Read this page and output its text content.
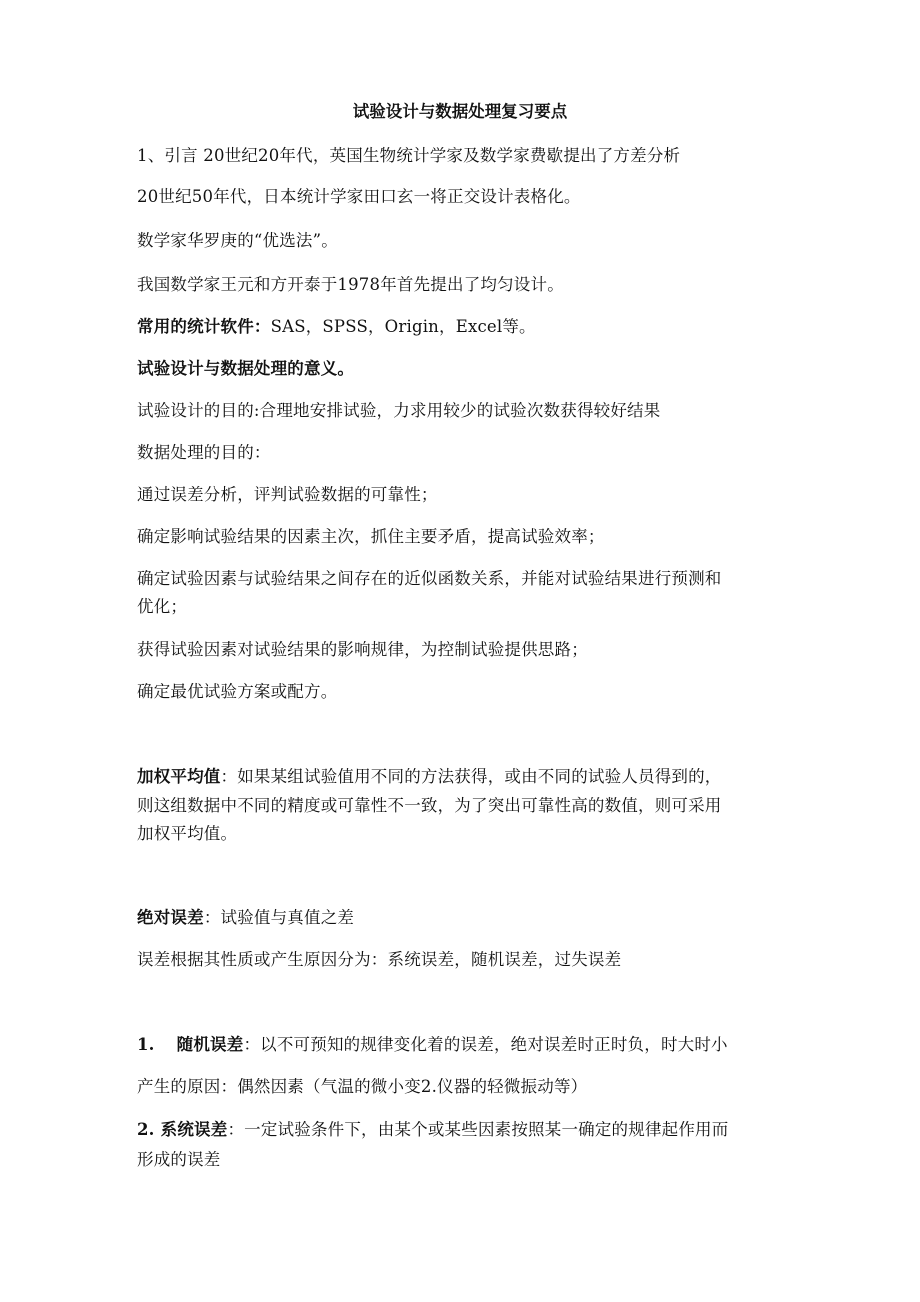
试验设计与数据处理复习要点
1、引言 20世纪20年代，英国生物统计学家及数学家费歇提出了方差分析
20世纪50年代，日本统计学家田口玄一将正交设计表格化。
数学家华罗庚的“优选法”。
我国数学家王元和方开泰于1978年首先提出了均匀设计。
常用的统计软件：SAS，SPSS，Origin，Excel等。
试验设计与数据处理的意义。
试验设计的目的:合理地安排试验，力求用较少的试验次数获得较好结果
数据处理的目的：
通过误差分析，评判试验数据的可靠性；
确定影响试验结果的因素主次，抓住主要矛盾，提高试验效率；
确定试验因素与试验结果之间存在的近似函数关系，并能对试验结果进行预测和
优化；
获得试验因素对试验结果的影响规律，为控制试验提供思路；
确定最优试验方案或配方。
加权平均值：如果某组试验值用不同的方法获得，或由不同的试验人员得到的，
则这组数据中不同的精度或可靠性不一致，为了突出可靠性高的数值，则可采用
加权平均值。
绝对误差：试验值与真值之差
误差根据其性质或产生原因分为：系统误差，随机误差，过失误差
1. 随机误差：以不可预知的规律变化着的误差，绝对误差时正时负，时大时小
产生的原因：偶然因素（气温的微小变2.仪器的轻微振动等）
2. 系统误差：一定试验条件下，由某个或某些因素按照某一确定的规律起作用而
形成的误差
